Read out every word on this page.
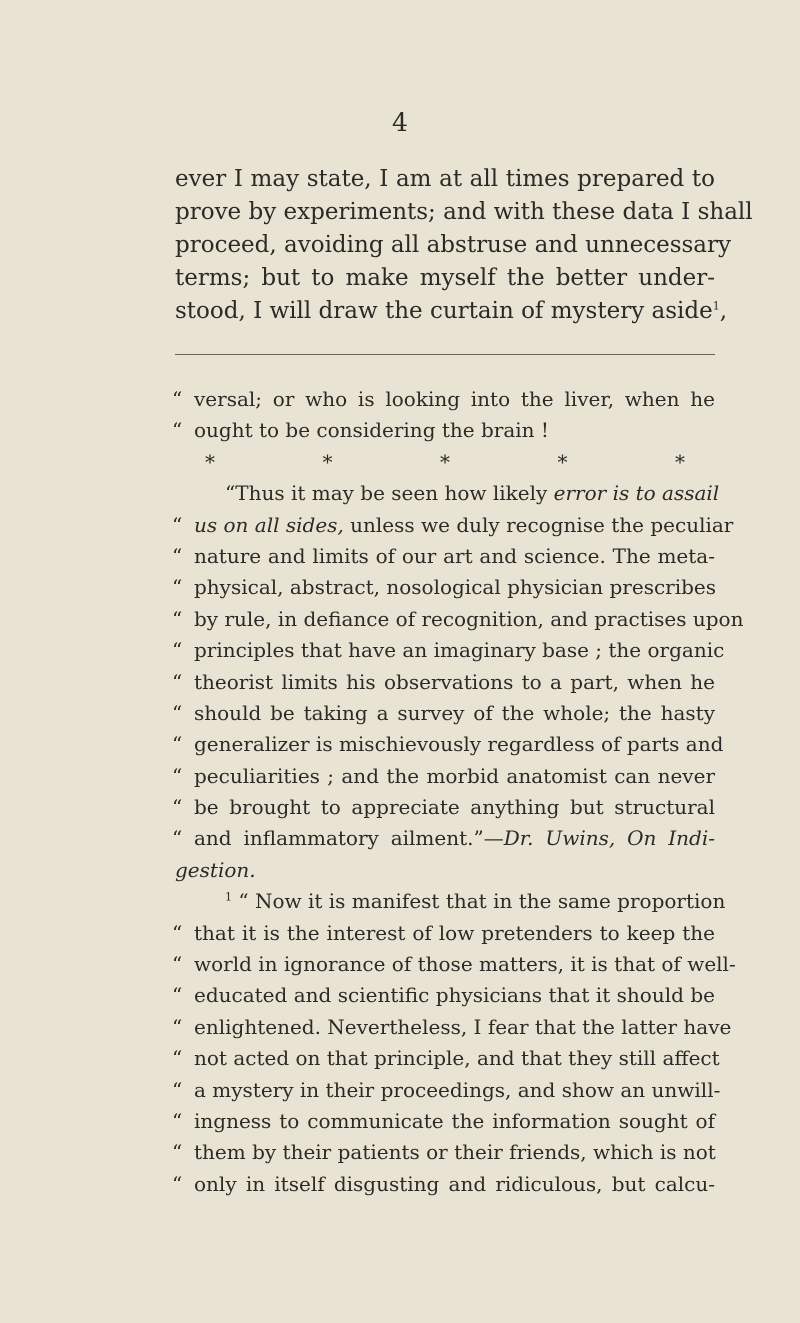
4
ever I may state, I am at all times prepared to
prove by experiments; and with these data I shall
proceed, avoiding all abstruse and unnecessary
terms; but to make myself the better under-
stood, I will draw the curtain of mystery aside$^1$,
“ versal; or who is looking into the liver, when he
“ ought to be considering the brain !
*	*	*	*	*
“Thus it may be seen how likely error is to assail
“ us on all sides, unless we duly recognise the peculiar
“ nature and limits of our art and science. The meta-
“ physical, abstract, nosological physician prescribes
“ by rule, in defiance of recognition, and practises upon
“ principles that have an imaginary base ; the organic
“ theorist limits his observations to a part, when he
“ should be taking a survey of the whole; the hasty
“ generalizer is mischievously regardless of parts and
“ peculiarities ; and the morbid anatomist can never
“ be brought to appreciate anything but structural
“ and inflammatory ailment.”—Dr. Uwins, On Indi-
gestion.
$^1$ “ Now it is manifest that in the same proportion
“ that it is the interest of low pretenders to keep the
“ world in ignorance of those matters, it is that of well-
“ educated and scientific physicians that it should be
“ enlightened. Nevertheless, I fear that the latter have
“ not acted on that principle, and that they still affect
“ a mystery in their proceedings, and show an unwill-
“ ingness to communicate the information sought of
“ them by their patients or their friends, which is not
“ only in itself disgusting and ridiculous, but calcu-
